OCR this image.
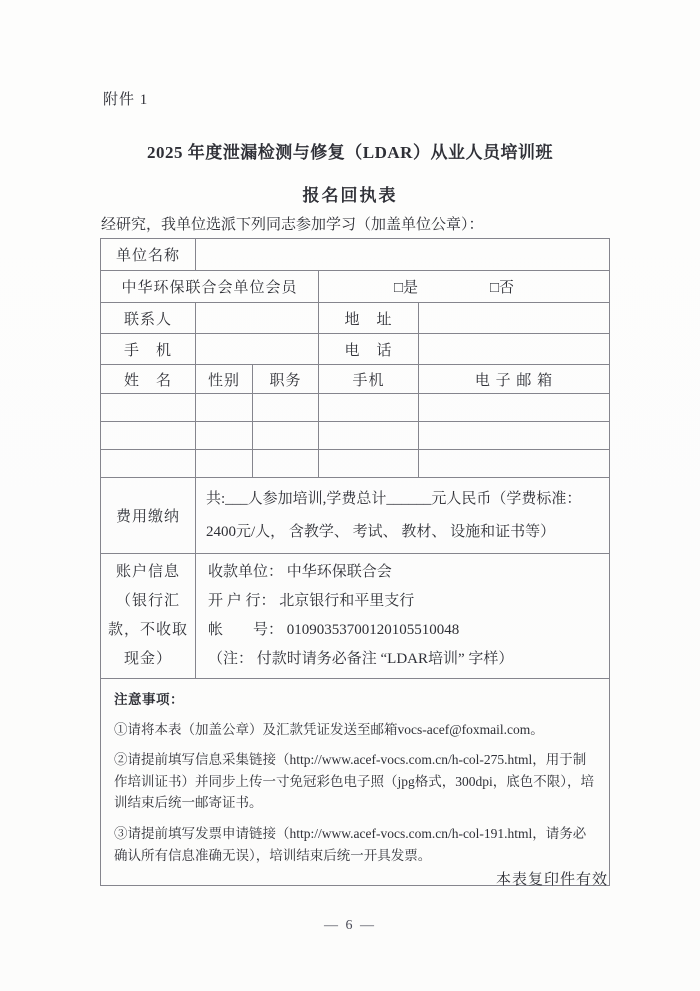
附件 1
2025 年度泄漏检测与修复（LDAR）从业人员培训班
报名回执表
经研究，我单位选派下列同志参加学习（加盖单位公章）：
单位名称				
中华环保联合会单位会员			□是 □否	

联系人			地　址	
手　机			电　话	
姓　名	性别	职务	手机	电 子 邮 箱

费用缴纳	共:___人参加培训,学费总计______元人民币（学费标准：
2400元/人， 含教学、 考试、 教材、 设施和证书等）			

账户信息
（银行汇
款，不收取
现金）

收款单位： 中华环保联合会
开 户 行： 北京银行和平里支行
帐　　号： 01090353700120105510048
（注： 付款时请务必备注 “LDAR培训” 字样）

注意事项：

①请将本表（加盖公章）及汇款凭证发送至邮箱vocs-acef@foxmail.com。

②请提前填写信息采集链接（http://www.acef-vocs.com.cn/h-col-275.html，用于制作培训证书）并同步上传一寸免冠彩色电子照（jpg格式，300dpi，底色不限），培训结束后统一邮寄证书。

③请提前填写发票申请链接（http://www.acef-vocs.com.cn/h-col-191.html，请务必确认所有信息准确无误），培训结束后统一开具发票。				

本表复印件有效
— 6 —
